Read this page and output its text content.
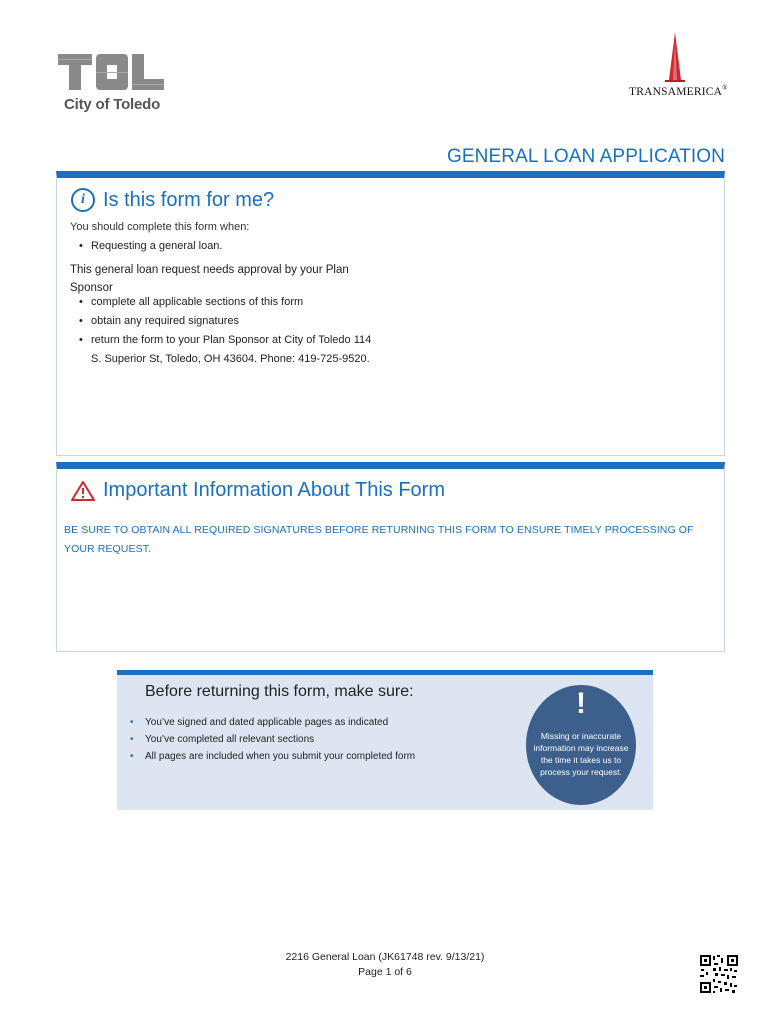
City of Toledo
TRANSAMERICA®
GENERAL LOAN APPLICATION
i Is this form for me?
You should complete this form when:
• Requesting a general loan.
This general loan request needs approval by your Plan Sponsor
• complete all applicable sections of this form
• obtain any required signatures
• return the form to your Plan Sponsor at City of Toledo 114 S. Superior St, Toledo, OH 43604. Phone: 419-725-9520.
Important Information About This Form
BE SURE TO OBTAIN ALL REQUIRED SIGNATURES BEFORE RETURNING THIS FORM TO ENSURE TIMELY PROCESSING OF YOUR REQUEST.
Before returning this form, make sure:
• You’ve signed and dated applicable pages as indicated
• You’ve completed all relevant sections
• All pages are included when you submit your completed form
!
Missing or inaccurate information may increase the time it takes us to process your request.
2216 General Loan (JK61748 rev. 9/13/21)
Page 1 of 6
